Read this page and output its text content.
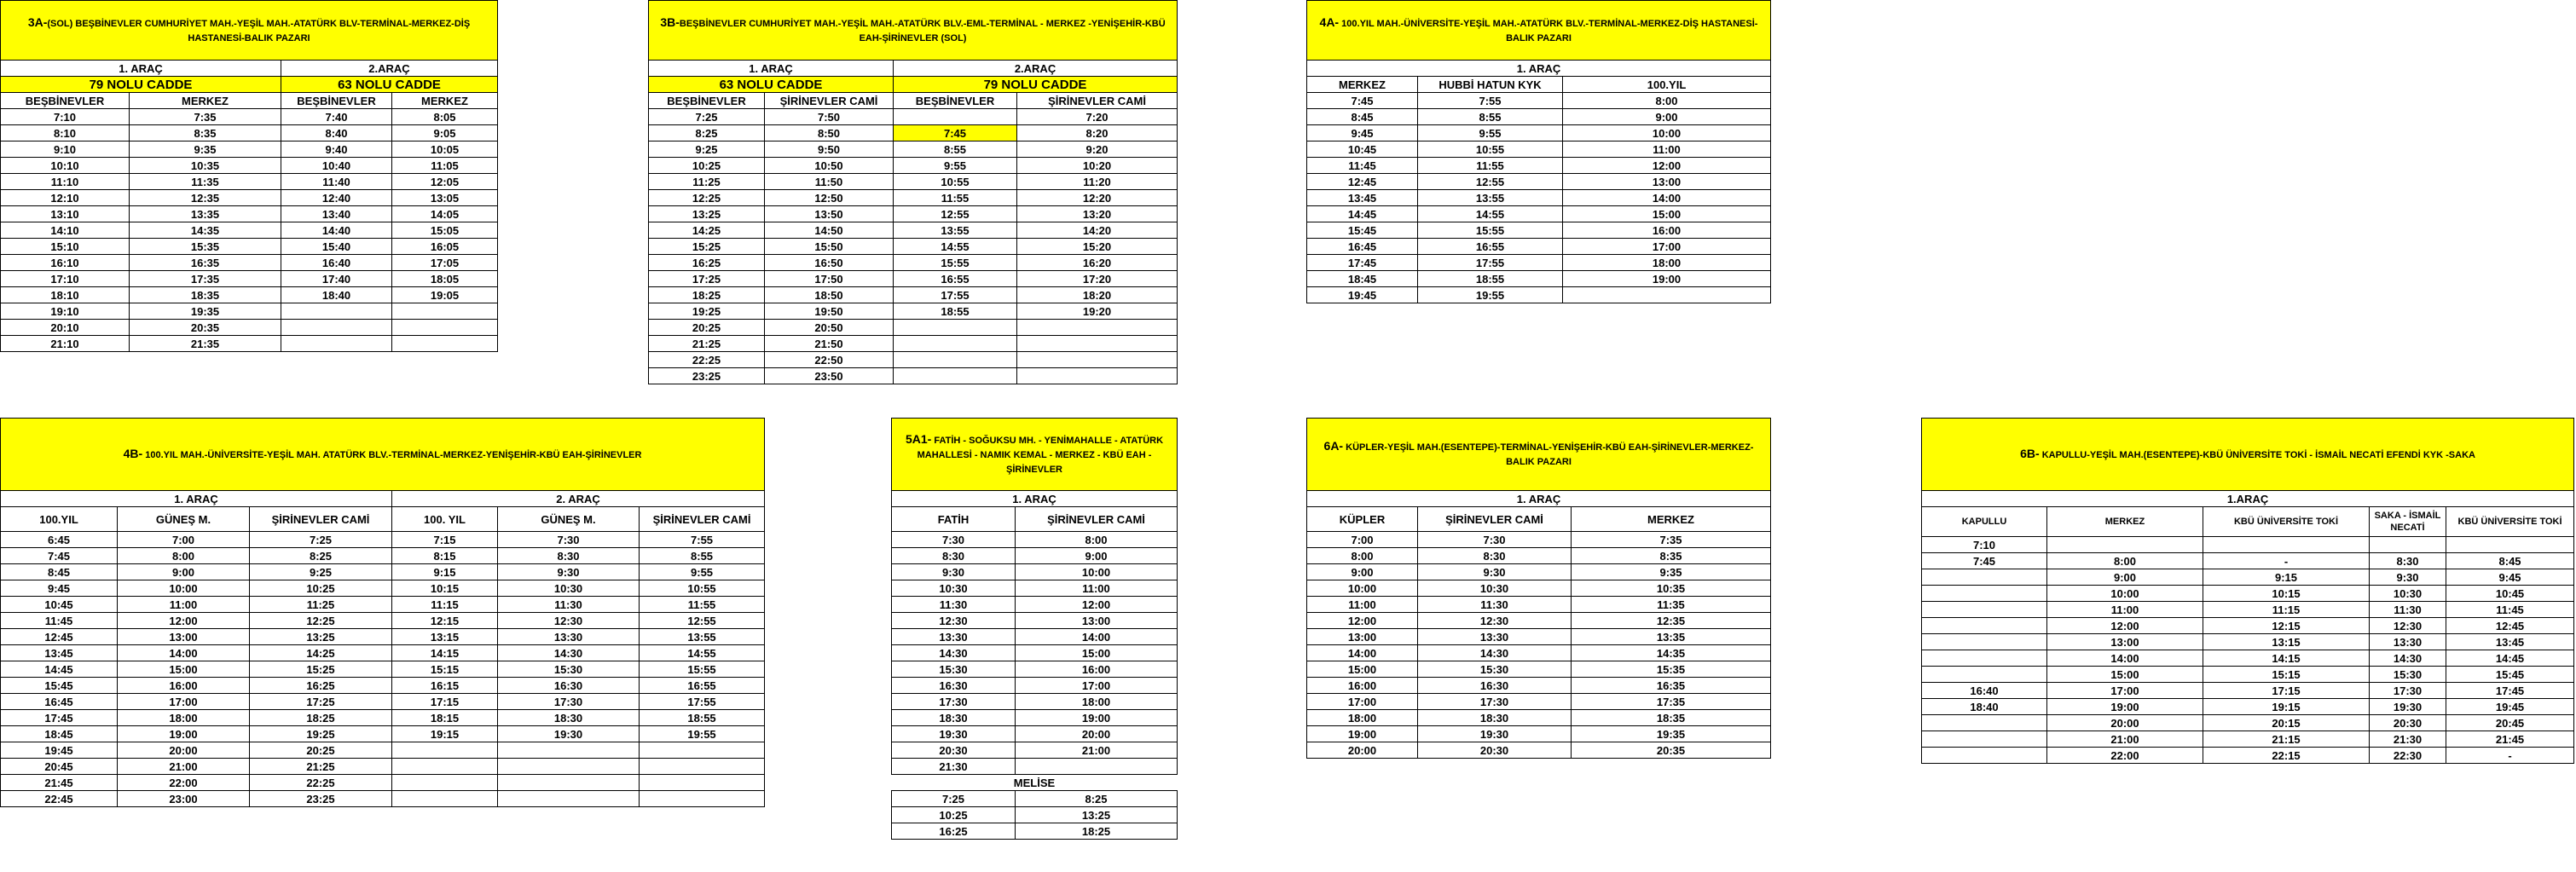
3A-(SOL) BEŞBİNEVLER CUMHURİYET MAH.-YEŞİL MAH.-ATATÜRK BLV-TERMİNAL-MERKEZ-DİŞ HASTANESİ-BALIK PAZARI			
1. ARAÇ		2.ARAÇ	
79 NOLU CADDE		63 NOLU CADDE	
BEŞBİNEVLER	MERKEZ	BEŞBİNEVLER	MERKEZ
7:10	7:35	7:40	8:05
8:10	8:35	8:40	9:05
9:10	9:35	9:40	10:05
10:10	10:35	10:40	11:05
11:10	11:35	11:40	12:05
12:10	12:35	12:40	13:05
13:10	13:35	13:40	14:05
14:10	14:35	14:40	15:05
15:10	15:35	15:40	16:05
16:10	16:35	16:40	17:05
17:10	17:35	17:40	18:05
18:10	18:35	18:40	19:05
19:10	19:35		
20:10	20:35		
21:10	21:35		
3B-BEŞBİNEVLER CUMHURİYET MAH.-YEŞİL MAH.-ATATÜRK BLV.-EML-TERMİNAL - MERKEZ -YENİŞEHİR-KBÜ EAH-ŞİRİNEVLER (SOL)			
1. ARAÇ		2.ARAÇ	
63 NOLU CADDE		79 NOLU CADDE	
BEŞBİNEVLER	ŞİRİNEVLER CAMİ	BEŞBİNEVLER	ŞİRİNEVLER CAMİ
7:25	7:50		7:20
8:25	8:50	7:45	8:20
9:25	9:50	8:55	9:20
10:25	10:50	9:55	10:20
11:25	11:50	10:55	11:20
12:25	12:50	11:55	12:20
13:25	13:50	12:55	13:20
14:25	14:50	13:55	14:20
15:25	15:50	14:55	15:20
16:25	16:50	15:55	16:20
17:25	17:50	16:55	17:20
18:25	18:50	17:55	18:20
19:25	19:50	18:55	19:20
20:25	20:50		
21:25	21:50		
22:25	22:50		
23:25	23:50		
4A- 100.YIL MAH.-ÜNİVERSİTE-YEŞİL MAH.-ATATÜRK BLV.-TERMİNAL-MERKEZ-DİŞ HASTANESİ-BALIK PAZARI		
1. ARAÇ		
MERKEZ	HUBBİ HATUN KYK	100.YIL
7:45	7:55	8:00
8:45	8:55	9:00
9:45	9:55	10:00
10:45	10:55	11:00
11:45	11:55	12:00
12:45	12:55	13:00
13:45	13:55	14:00
14:45	14:55	15:00
15:45	15:55	16:00
16:45	16:55	17:00
17:45	17:55	18:00
18:45	18:55	19:00
19:45	19:55	
4B- 100.YIL MAH.-ÜNİVERSİTE-YEŞİL MAH. ATATÜRK BLV.-TERMİNAL-MERKEZ-YENİŞEHİR-KBÜ EAH-ŞİRİNEVLER					
1. ARAÇ			2. ARAÇ		
100.YIL	GÜNEŞ M.	ŞİRİNEVLER CAMİ	100. YIL	GÜNEŞ M.	ŞİRİNEVLER CAMİ
6:45	7:00	7:25	7:15	7:30	7:55
7:45	8:00	8:25	8:15	8:30	8:55
8:45	9:00	9:25	9:15	9:30	9:55
9:45	10:00	10:25	10:15	10:30	10:55
10:45	11:00	11:25	11:15	11:30	11:55
11:45	12:00	12:25	12:15	12:30	12:55
12:45	13:00	13:25	13:15	13:30	13:55
13:45	14:00	14:25	14:15	14:30	14:55
14:45	15:00	15:25	15:15	15:30	15:55
15:45	16:00	16:25	16:15	16:30	16:55
16:45	17:00	17:25	17:15	17:30	17:55
17:45	18:00	18:25	18:15	18:30	18:55
18:45	19:00	19:25	19:15	19:30	19:55
19:45	20:00	20:25			
20:45	21:00	21:25			
21:45	22:00	22:25			
22:45	23:00	23:25			
5A1- FATİH - SOĞUKSU MH. - YENİMAHALLE - ATATÜRK MAHALLESİ - NAMIK KEMAL - MERKEZ - KBÜ EAH - ŞİRİNEVLER	
1. ARAÇ	
FATİH	ŞİRİNEVLER CAMİ
7:30	8:00
8:30	9:00
9:30	10:00
10:30	11:00
11:30	12:00
12:30	13:00
13:30	14:00
14:30	15:00
15:30	16:00
16:30	17:00
17:30	18:00
18:30	19:00
19:30	20:00
20:30	21:00
21:30	
MELİSE	
7:25	8:25
10:25	13:25
16:25	18:25
6A- KÜPLER-YEŞİL MAH.(ESENTEPE)-TERMİNAL-YENİŞEHİR-KBÜ EAH-ŞİRİNEVLER-MERKEZ-BALIK PAZARI		
1. ARAÇ		
KÜPLER	ŞİRİNEVLER CAMİ	MERKEZ
7:00	7:30	7:35
8:00	8:30	8:35
9:00	9:30	9:35
10:00	10:30	10:35
11:00	11:30	11:35
12:00	12:30	12:35
13:00	13:30	13:35
14:00	14:30	14:35
15:00	15:30	15:35
16:00	16:30	16:35
17:00	17:30	17:35
18:00	18:30	18:35
19:00	19:30	19:35
20:00	20:30	20:35
6B- KAPULLU-YEŞİL MAH.(ESENTEPE)-KBÜ ÜNİVERSİTE TOKİ - İSMAİL NECATİ EFENDİ KYK -SAKA				
1.ARAÇ				
KAPULLU	MERKEZ	KBÜ ÜNİVERSİTE TOKİ	SAKA - İSMAİL NECATİ	KBÜ ÜNİVERSİTE TOKİ
7:10				
7:45	8:00	-	8:30	8:45
	9:00	9:15	9:30	9:45
	10:00	10:15	10:30	10:45
	11:00	11:15	11:30	11:45
	12:00	12:15	12:30	12:45
	13:00	13:15	13:30	13:45
	14:00	14:15	14:30	14:45
	15:00	15:15	15:30	15:45
16:40	17:00	17:15	17:30	17:45
18:40	19:00	19:15	19:30	19:45
	20:00	20:15	20:30	20:45
	21:00	21:15	21:30	21:45
	22:00	22:15	22:30	-
